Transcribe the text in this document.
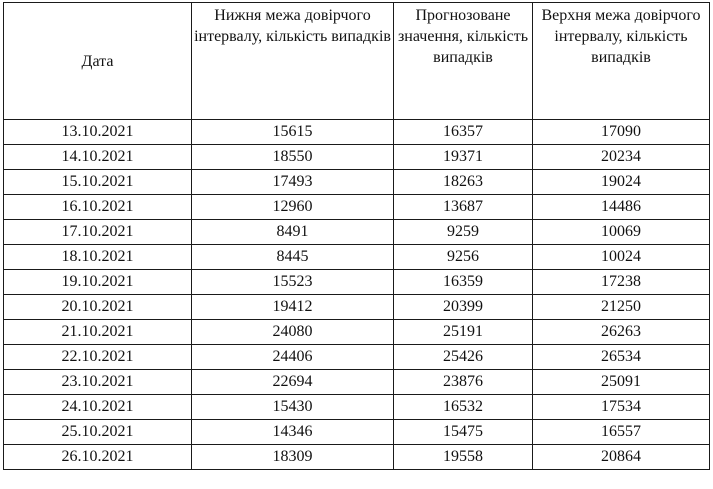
Дата	Нижня межа довірчого інтервалу, кількість випадків	Прогнозоване значення, кількість випадків	Верхня межа довірчого інтервалу, кількість випадків
13.10.2021	15615	16357	17090
14.10.2021	18550	19371	20234
15.10.2021	17493	18263	19024
16.10.2021	12960	13687	14486
17.10.2021	8491	9259	10069
18.10.2021	8445	9256	10024
19.10.2021	15523	16359	17238
20.10.2021	19412	20399	21250
21.10.2021	24080	25191	26263
22.10.2021	24406	25426	26534
23.10.2021	22694	23876	25091
24.10.2021	15430	16532	17534
25.10.2021	14346	15475	16557
26.10.2021	18309	19558	20864
